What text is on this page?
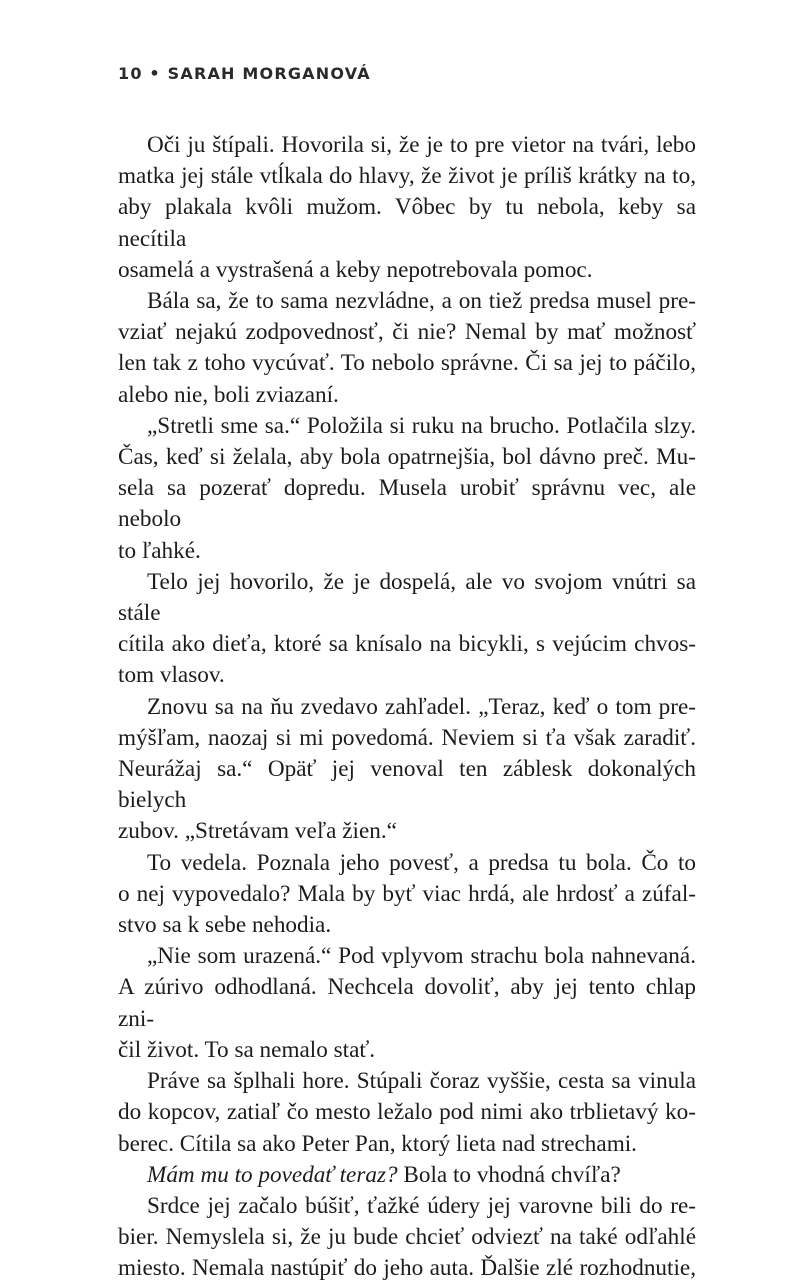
10 • SARAH MORGANOVÁ

Oči ju štípali. Hovorila si, že je to pre vietor na tvári, lebo
matka jej stále vtĺkala do hlavy, že život je príliš krátky na to,
aby plakala kvôli mužom. Vôbec by tu nebola, keby sa necítila
osamelá a vystrašená a keby nepotrebovala pomoc.

Bála sa, že to sama nezvládne, a on tiež predsa musel pre-
vziať nejakú zodpovednosť, či nie? Nemal by mať možnosť
len tak z toho vycúvať. To nebolo správne. Či sa jej to páčilo,
alebo nie, boli zviazaní.

„Stretli sme sa.“ Položila si ruku na brucho. Potlačila slzy.
Čas, keď si želala, aby bola opatrnejšia, bol dávno preč. Mu-
sela sa pozerať dopredu. Musela urobiť správnu vec, ale nebolo
to ľahké.

Telo jej hovorilo, že je dospelá, ale vo svojom vnútri sa stále
cítila ako dieťa, ktoré sa knísalo na bicykli, s vejúcim chvos-
tom vlasov.

Znovu sa na ňu zvedavo zahľadel. „Teraz, keď o tom pre-
mýšľam, naozaj si mi povedomá. Neviem si ťa však zaradiť.
Neurážaj sa.“ Opäť jej venoval ten záblesk dokonalých bielych
zubov. „Stretávam veľa žien.“

To vedela. Poznala jeho povesť, a predsa tu bola. Čo to
o nej vypovedalo? Mala by byť viac hrdá, ale hrdosť a zúfal-
stvo sa k sebe nehodia.

„Nie som urazená.“ Pod vplyvom strachu bola nahnevaná.
A zúrivo odhodlaná. Nechcela dovoliť, aby jej tento chlap zni-
čil život. To sa nemalo stať.

Práve sa šplhali hore. Stúpali čoraz vyššie, cesta sa vinula
do kopcov, zatiaľ čo mesto ležalo pod nimi ako trblietavý ko-
berec. Cítila sa ako Peter Pan, ktorý lieta nad strechami.

Mám mu to povedať teraz? Bola to vhodná chvíľa?

Srdce jej začalo búšiť, ťažké údery jej varovne bili do re-
bier. Nemyslela si, že ju bude chcieť odviezť na také odľahlé
miesto. Nemala nastúpiť do jeho auta. Ďalšie zlé rozhodnutie,
